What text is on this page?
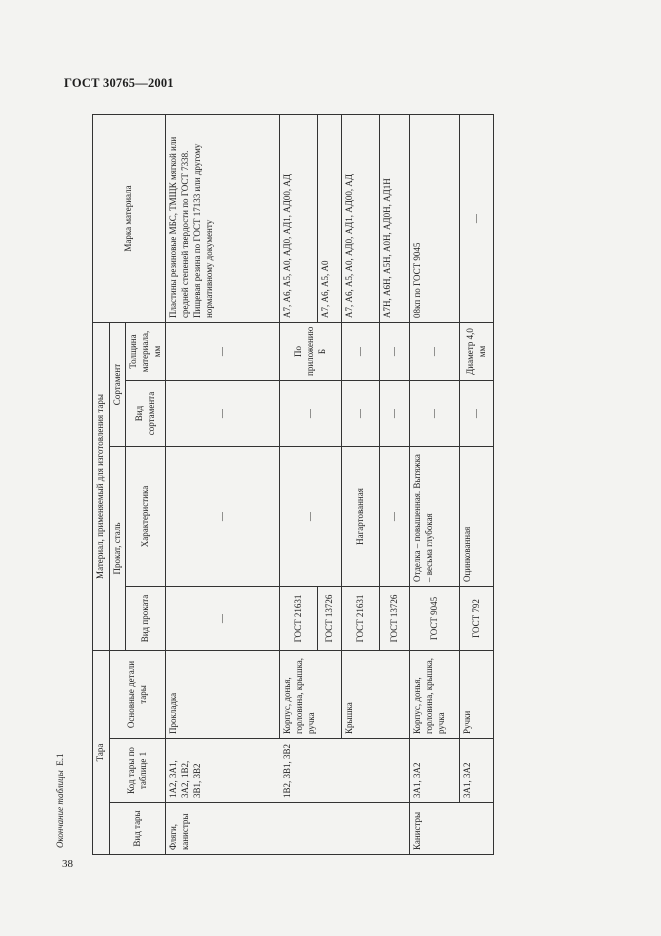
ГОСТ 30765—2001
38
Окончание таблицы  Е.1	Тара			Материал, применяемый для изготовления тары				Марка материала
Вид тары	Код тары по таблице 1	Основные детали тары	Прокат, сталь		Сортамент		
			Вид проката	Характеристика	Вид сортамента	Толщина материала, мм	
Фляги, канистры	1А2, 3А1, 3А2, 1В2, 3В1, 3В2	Прокладка	—	—	—	—	Пластины резиновые МБС, ТМЩК мягкой или средней степеней твердости по ГОСТ 7338. Пищевая резина по ГОСТ 17133 или другому нормативному документу
	1В2, 3В1, 3В2	Корпус, донья, горловина, крышка, ручка	ГОСТ 21631	—	—	По приложению Б	А7, А6, А5, А0, АД0, АД1, АД00, АД
			ГОСТ 13726				А7, А6, А5, А0
		Крышка	ГОСТ 21631	Нагартованная	—	—	А7, А6, А5, А0, АД0, АД1, АД00, АД
			ГОСТ 13726	—	—	—	А7Н, А6Н, А5Н, А0Н, АД0Н, АД1Н
Канистры	3А1, 3А2	Корпус, донья, горловина, крышка, ручка	ГОСТ 9045	Отделка – повышенная. Вытяжка – весьма глубокая	—	—	08кп по ГОСТ 9045
	3А1, 3А2	Ручки	ГОСТ 792	Оцинкованная	—	Диаметр 4,0 мм	—
